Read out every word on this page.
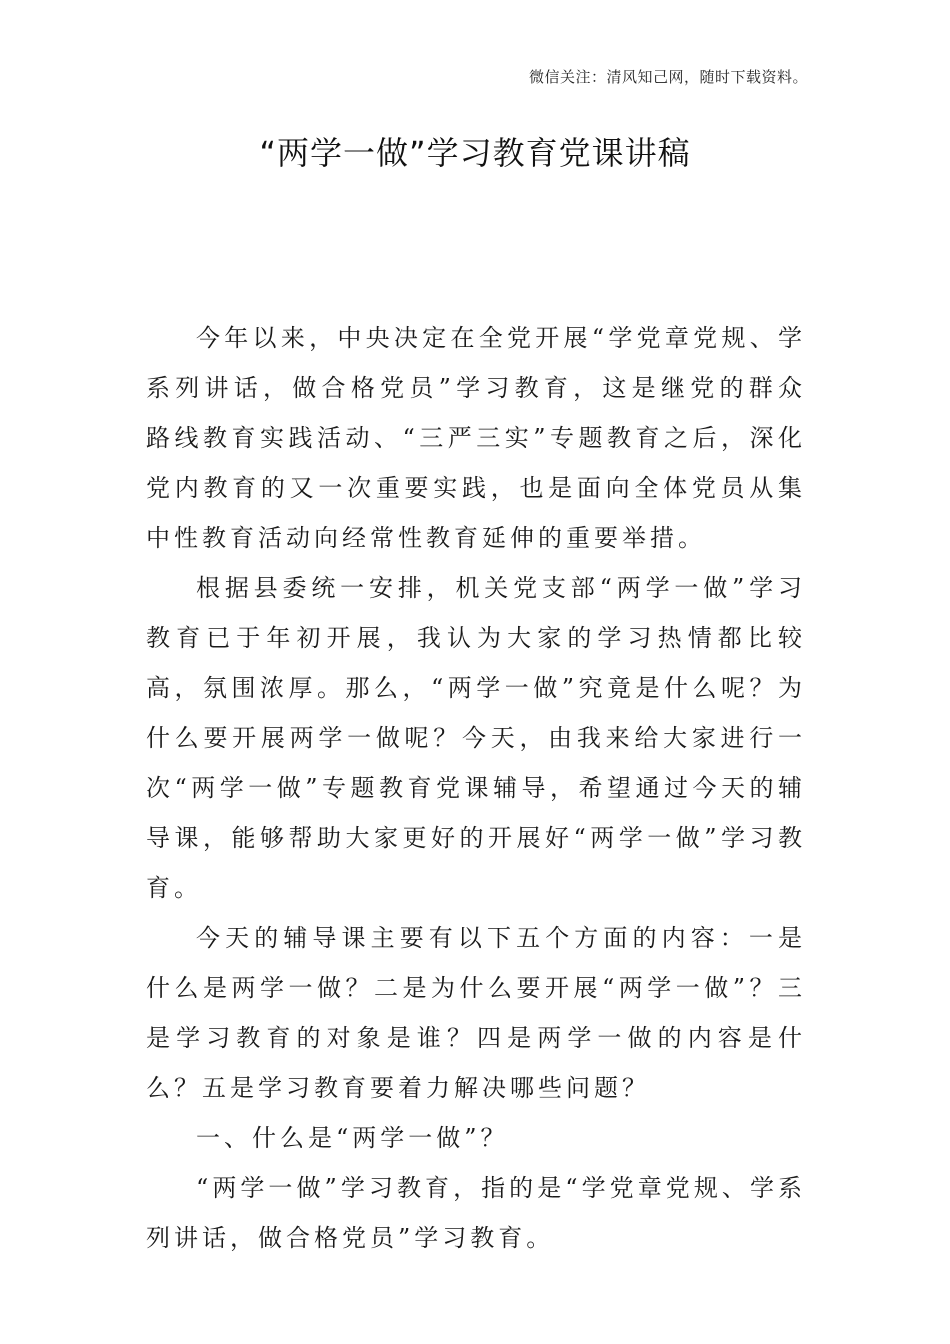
微信关注：清风知己网，随时下载资料。
“两学一做”学习教育党课讲稿

今年以来，中央决定在全党开展“学党章党规、学系列讲话，做合格党员”学习教育，这是继党的群众路线教育实践活动、“三严三实”专题教育之后，深化党内教育的又一次重要实践，也是面向全体党员从集中性教育活动向经常性教育延伸的重要举措。

根据县委统一安排，机关党支部“两学一做”学习教育已于年初开展，我认为大家的学习热情都比较高，氛围浓厚。那么，“两学一做”究竟是什么呢？为什么要开展两学一做呢？今天，由我来给大家进行一次“两学一做”专题教育党课辅导，希望通过今天的辅导课，能够帮助大家更好的开展好“两学一做”学习教育。

今天的辅导课主要有以下五个方面的内容：一是什么是两学一做？二是为什么要开展“两学一做”？三是学习教育的对象是谁？四是两学一做的内容是什么？五是学习教育要着力解决哪些问题？

一、什么是“两学一做”？

“两学一做”学习教育，指的是“学党章党规、学系列讲话，做合格党员”学习教育。
